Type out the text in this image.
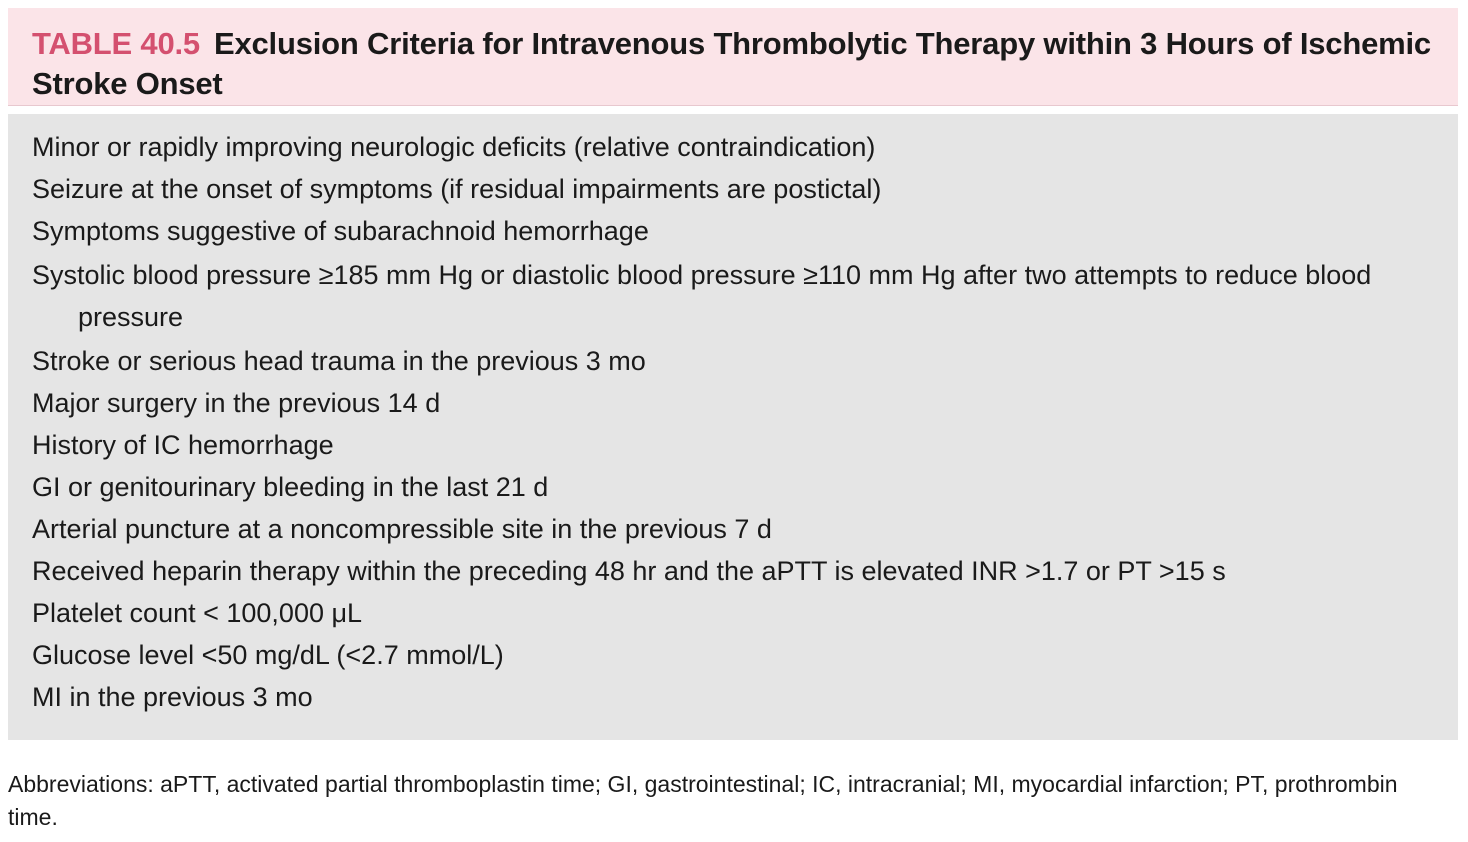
TABLE 40.5 Exclusion Criteria for Intravenous Thrombolytic Therapy within 3 Hours of Ischemic Stroke Onset
Minor or rapidly improving neurologic deficits (relative contraindication)
Seizure at the onset of symptoms (if residual impairments are postictal)
Symptoms suggestive of subarachnoid hemorrhage
Systolic blood pressure ≥185 mm Hg or diastolic blood pressure ≥110 mm Hg after two attempts to reduce blood pressure
Stroke or serious head trauma in the previous 3 mo
Major surgery in the previous 14 d
History of IC hemorrhage
GI or genitourinary bleeding in the last 21 d
Arterial puncture at a noncompressible site in the previous 7 d
Received heparin therapy within the preceding 48 hr and the aPTT is elevated INR >1.7 or PT >15 s
Platelet count < 100,000 μL
Glucose level <50 mg/dL (<2.7 mmol/L)
MI in the previous 3 mo

Abbreviations: aPTT, activated partial thromboplastin time; GI, gastrointestinal; IC, intracranial; MI, myocardial infarction; PT, prothrombin time.
